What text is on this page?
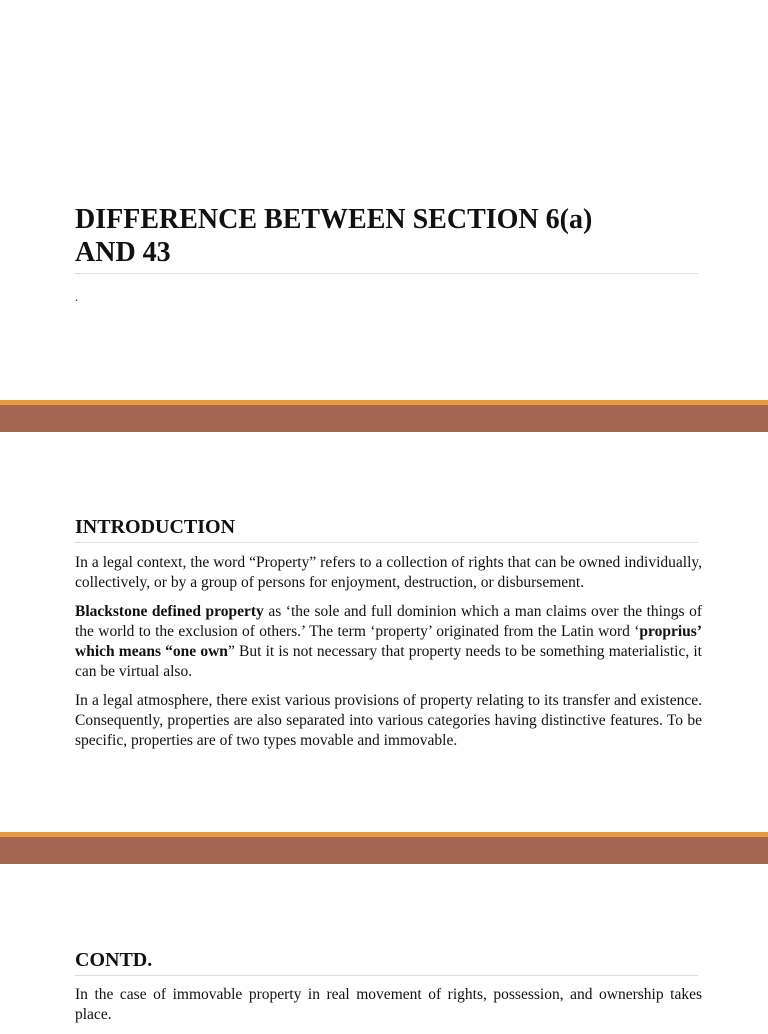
DIFFERENCE BETWEEN SECTION 6(a)
AND 43

.

INTRODUCTION

In a legal context, the word “Property” refers to a collection of rights that can be owned individually, collectively, or by a group of persons for enjoyment, destruction, or disbursement.

Blackstone defined property as ‘the sole and full dominion which a man claims over the things of the world to the exclusion of others.’ The term ‘property’ originated from the Latin word ‘proprius’ which means “one own” But it is not necessary that property needs to be something materialistic, it can be virtual also.

In a legal atmosphere, there exist various provisions of property relating to its transfer and existence. Consequently, properties are also separated into various categories having distinctive features. To be specific, properties are of two types movable and immovable.

CONTD.

In the case of immovable property in real movement of rights, possession, and ownership takes place.
